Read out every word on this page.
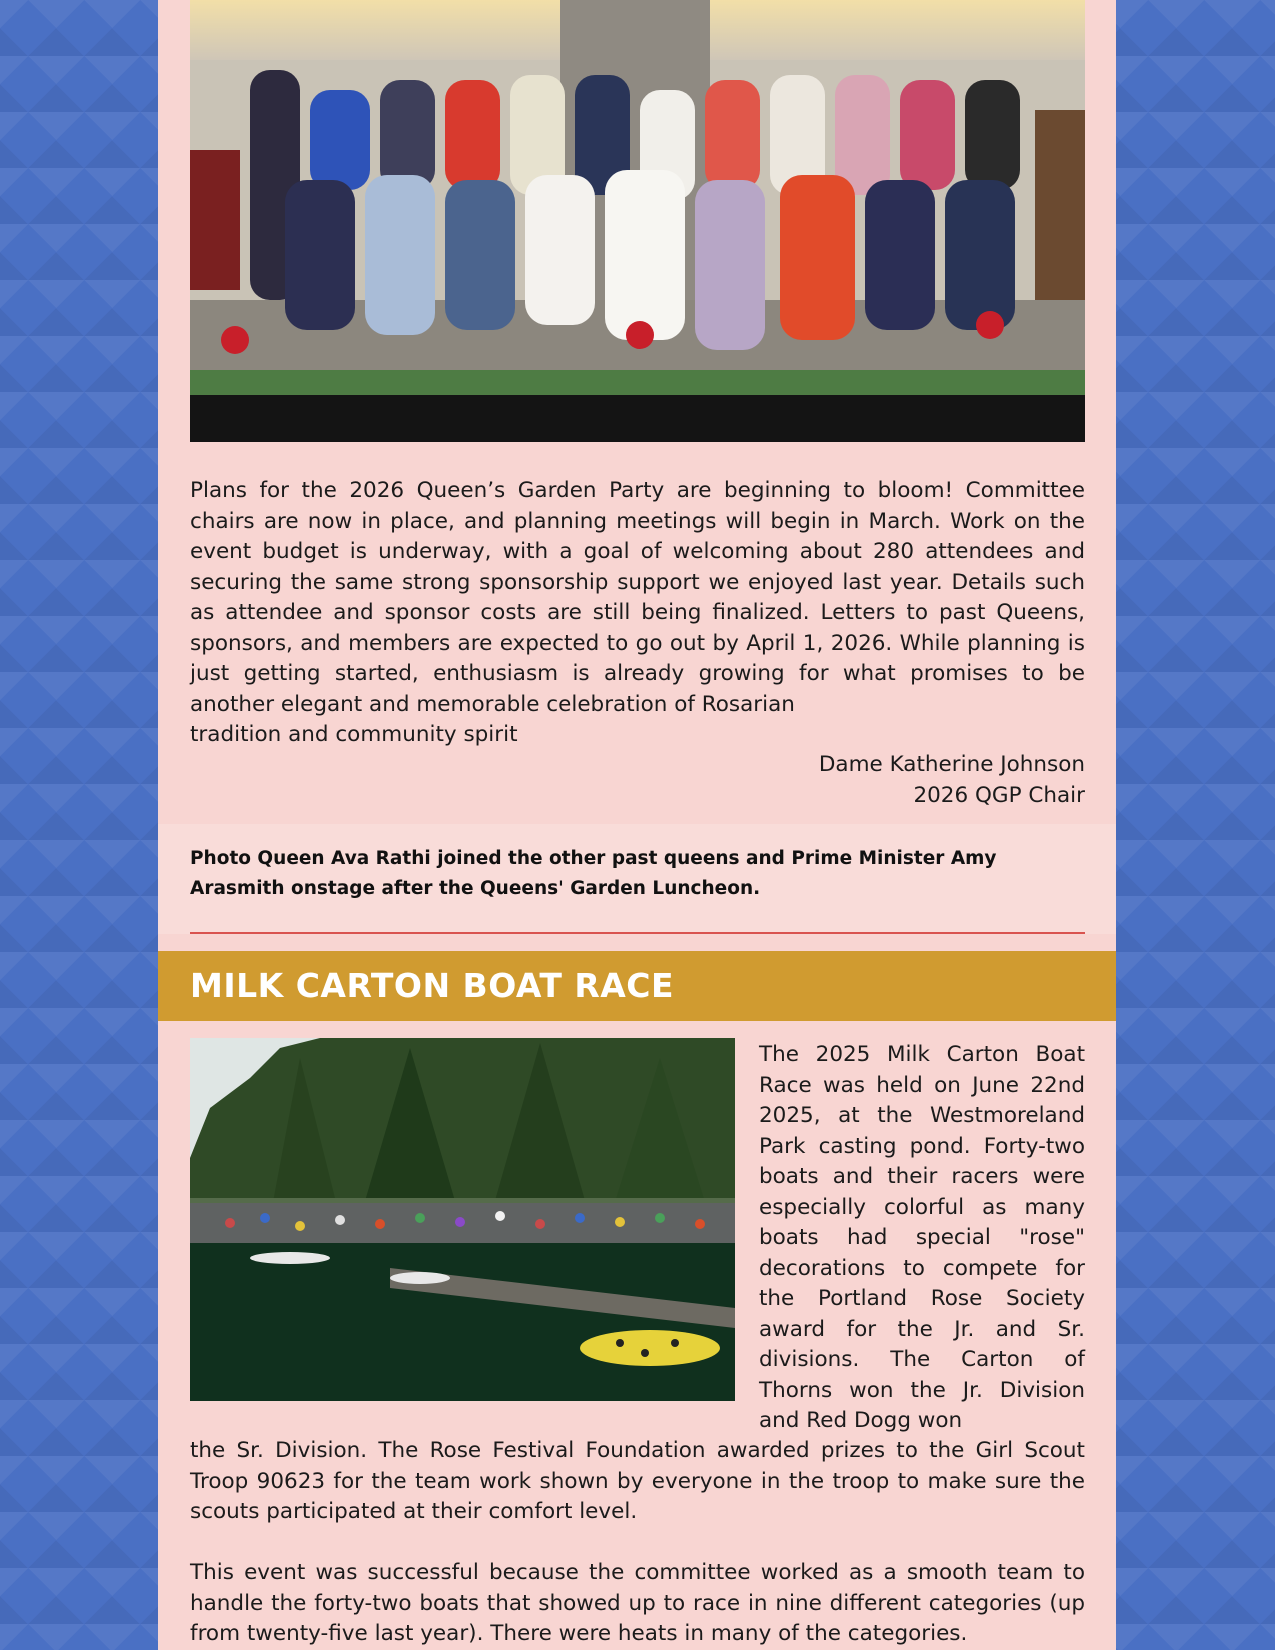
Plans for the 2026 Queen’s Garden Party are beginning to bloom! Committee chairs are now in place, and planning meetings will begin in March. Work on the event budget is underway, with a goal of welcoming about 280 attendees and securing the same strong sponsorship support we enjoyed last year. Details such as attendee and sponsor costs are still being finalized. Letters to past Queens, sponsors, and members are expected to go out by April 1, 2026. While planning is just getting started, enthusiasm is already growing for what promises to be another elegant and memorable celebration of Rosarian

tradition and community spirit

Dame Katherine Johnson
2026 QGP Chair
Photo Queen Ava Rathi joined the other past queens and Prime Minister Amy Arasmith onstage after the Queens' Garden Luncheon.
MILK CARTON BOAT RACE

The 2025 Milk Carton Boat Race was held on June 22nd 2025, at the Westmoreland Park casting pond. Forty-two boats and their racers were especially colorful as many boats had special "rose" decorations to compete for the Portland Rose Society award for the Jr. and Sr. divisions. The Carton of Thorns won the Jr. Division and Red Dogg won

the Sr. Division. The Rose Festival Foundation awarded prizes to the Girl Scout Troop 90623 for the team work shown by everyone in the troop to make sure the scouts participated at their comfort level.

This event was successful because the committee worked as a smooth team to handle the forty-two boats that showed up to race in nine different categories (up from twenty-five last year). There were heats in many of the categories.
